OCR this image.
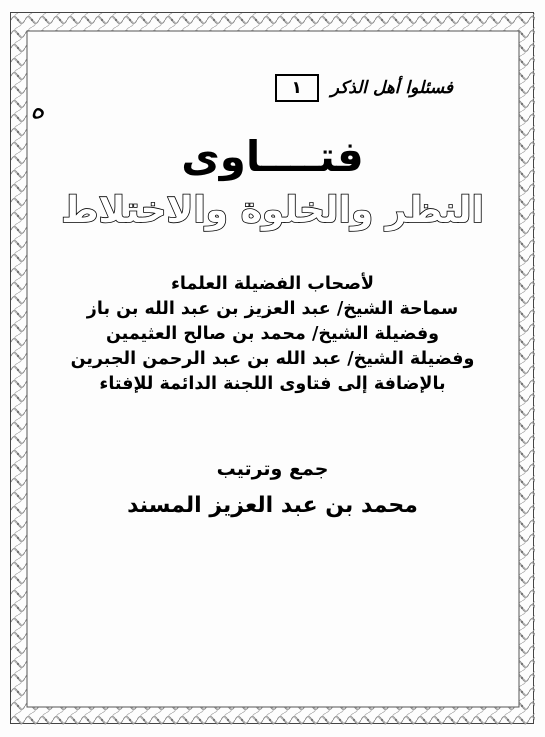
فسئلوا أهل الذكر
١
ە
فتــــاوى
النظر والخلوة والاختلاط
لأصحاب الفضيلة العلماء
سماحة الشيخ/ عبد العزيز بن عبد الله بن باز
وفضيلة الشيخ/ محمد بن صالح العثيمين
وفضيلة الشيخ/ عبد الله بن عبد الرحمن الجبرين
بالإضافة إلى فتاوى اللجنة الدائمة للإفتاء
جمع وترتيب
محمد بن عبد العزيز المسند
